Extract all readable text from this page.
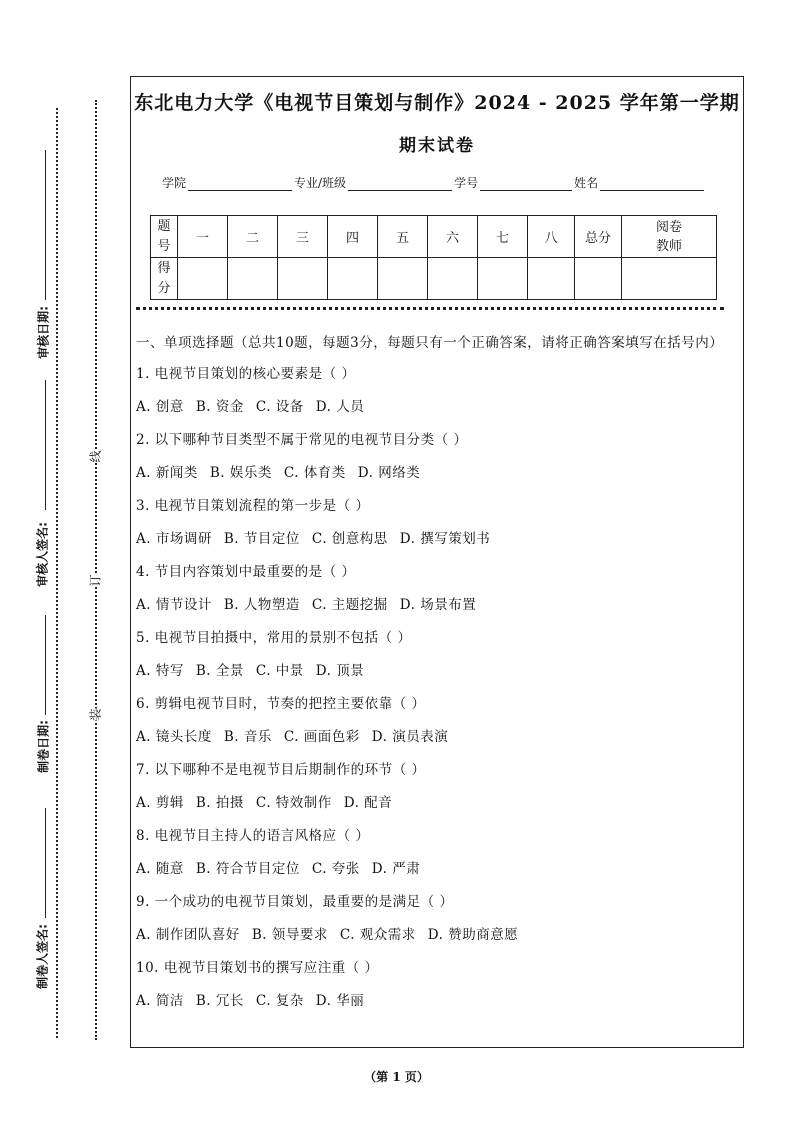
审核日期:
审核人签名:
制卷日期:
制卷人签名:
线
订
装
东北电力大学《电视节目策划与制作》2024 - 2025 学年第一学期
期末试卷
学院	专业/班级	学号	姓名
题号	一	二	三	四	五	六	七	八	总分	阅卷教师
得分										
一、单项选择题（总共10题，每题3分，每题只有一个正确答案，请将正确答案填写在括号内）
1. 电视节目策划的核心要素是（ ）
A. 创意 B. 资金 C. 设备 D. 人员
2. 以下哪种节目类型不属于常见的电视节目分类（ ）
A. 新闻类 B. 娱乐类 C. 体育类 D. 网络类
3. 电视节目策划流程的第一步是（ ）
A. 市场调研 B. 节目定位 C. 创意构思 D. 撰写策划书
4. 节目内容策划中最重要的是（ ）
A. 情节设计 B. 人物塑造 C. 主题挖掘 D. 场景布置
5. 电视节目拍摄中，常用的景别不包括（ ）
A. 特写 B. 全景 C. 中景 D. 顶景
6. 剪辑电视节目时，节奏的把控主要依靠（ ）
A. 镜头长度 B. 音乐 C. 画面色彩 D. 演员表演
7. 以下哪种不是电视节目后期制作的环节（ ）
A. 剪辑 B. 拍摄 C. 特效制作 D. 配音
8. 电视节目主持人的语言风格应（ ）
A. 随意 B. 符合节目定位 C. 夸张 D. 严肃
9. 一个成功的电视节目策划，最重要的是满足（ ）
A. 制作团队喜好 B. 领导要求 C. 观众需求 D. 赞助商意愿
10. 电视节目策划书的撰写应注重（ ）
A. 简洁 B. 冗长 C. 复杂 D. 华丽
（第 1 页）
